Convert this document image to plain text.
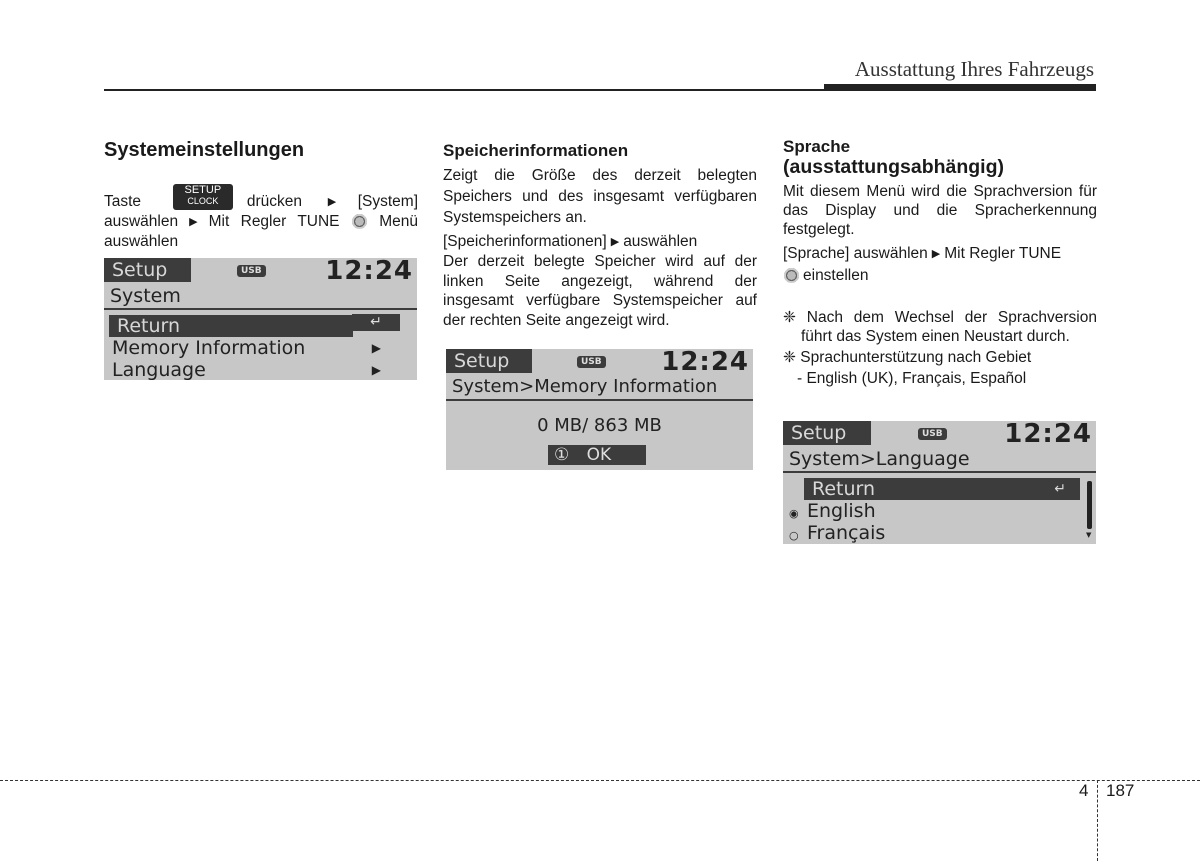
Ausstattung Ihres Fahrzeugs
Systemeinstellungen

Taste
SETUP
CLOCK	drücken ▶ [System] auswählen ▶ Mit Regler TUNE	Menü auswählen

Setup	USB 12:24
System
Return	↵
Memory Information	▶
Language	▶
Speicherinformationen

Zeigt die Größe des derzeit belegten Speichers und des insgesamt verfügbaren Systemspeichers an.

[Speicherinformationen] ▶ auswählen

Der derzeit belegte Speicher wird auf der linken Seite angezeigt, während der insgesamt verfügbare Systemspeicher auf der rechten Seite angezeigt wird.

Setup	USB 12:24
System>Memory Information
0 MB/ 863 MB
① OK
Sprache
(ausstattungsabhängig)

Mit diesem Menü wird die Sprachversion für das Display und die Spracherkennung festgelegt.

[Sprache] auswählen ▶ Mit Regler TUNE
einstellen

❈ Nach dem Wechsel der Sprachversion führt das System einen Neustart durch.

❈ Sprachunterstützung nach Gebiet

- English (UK), Français, Español

Setup	USB 12:24
System>Language
Return	↵
◉ English
○ Français	▼
4 187
